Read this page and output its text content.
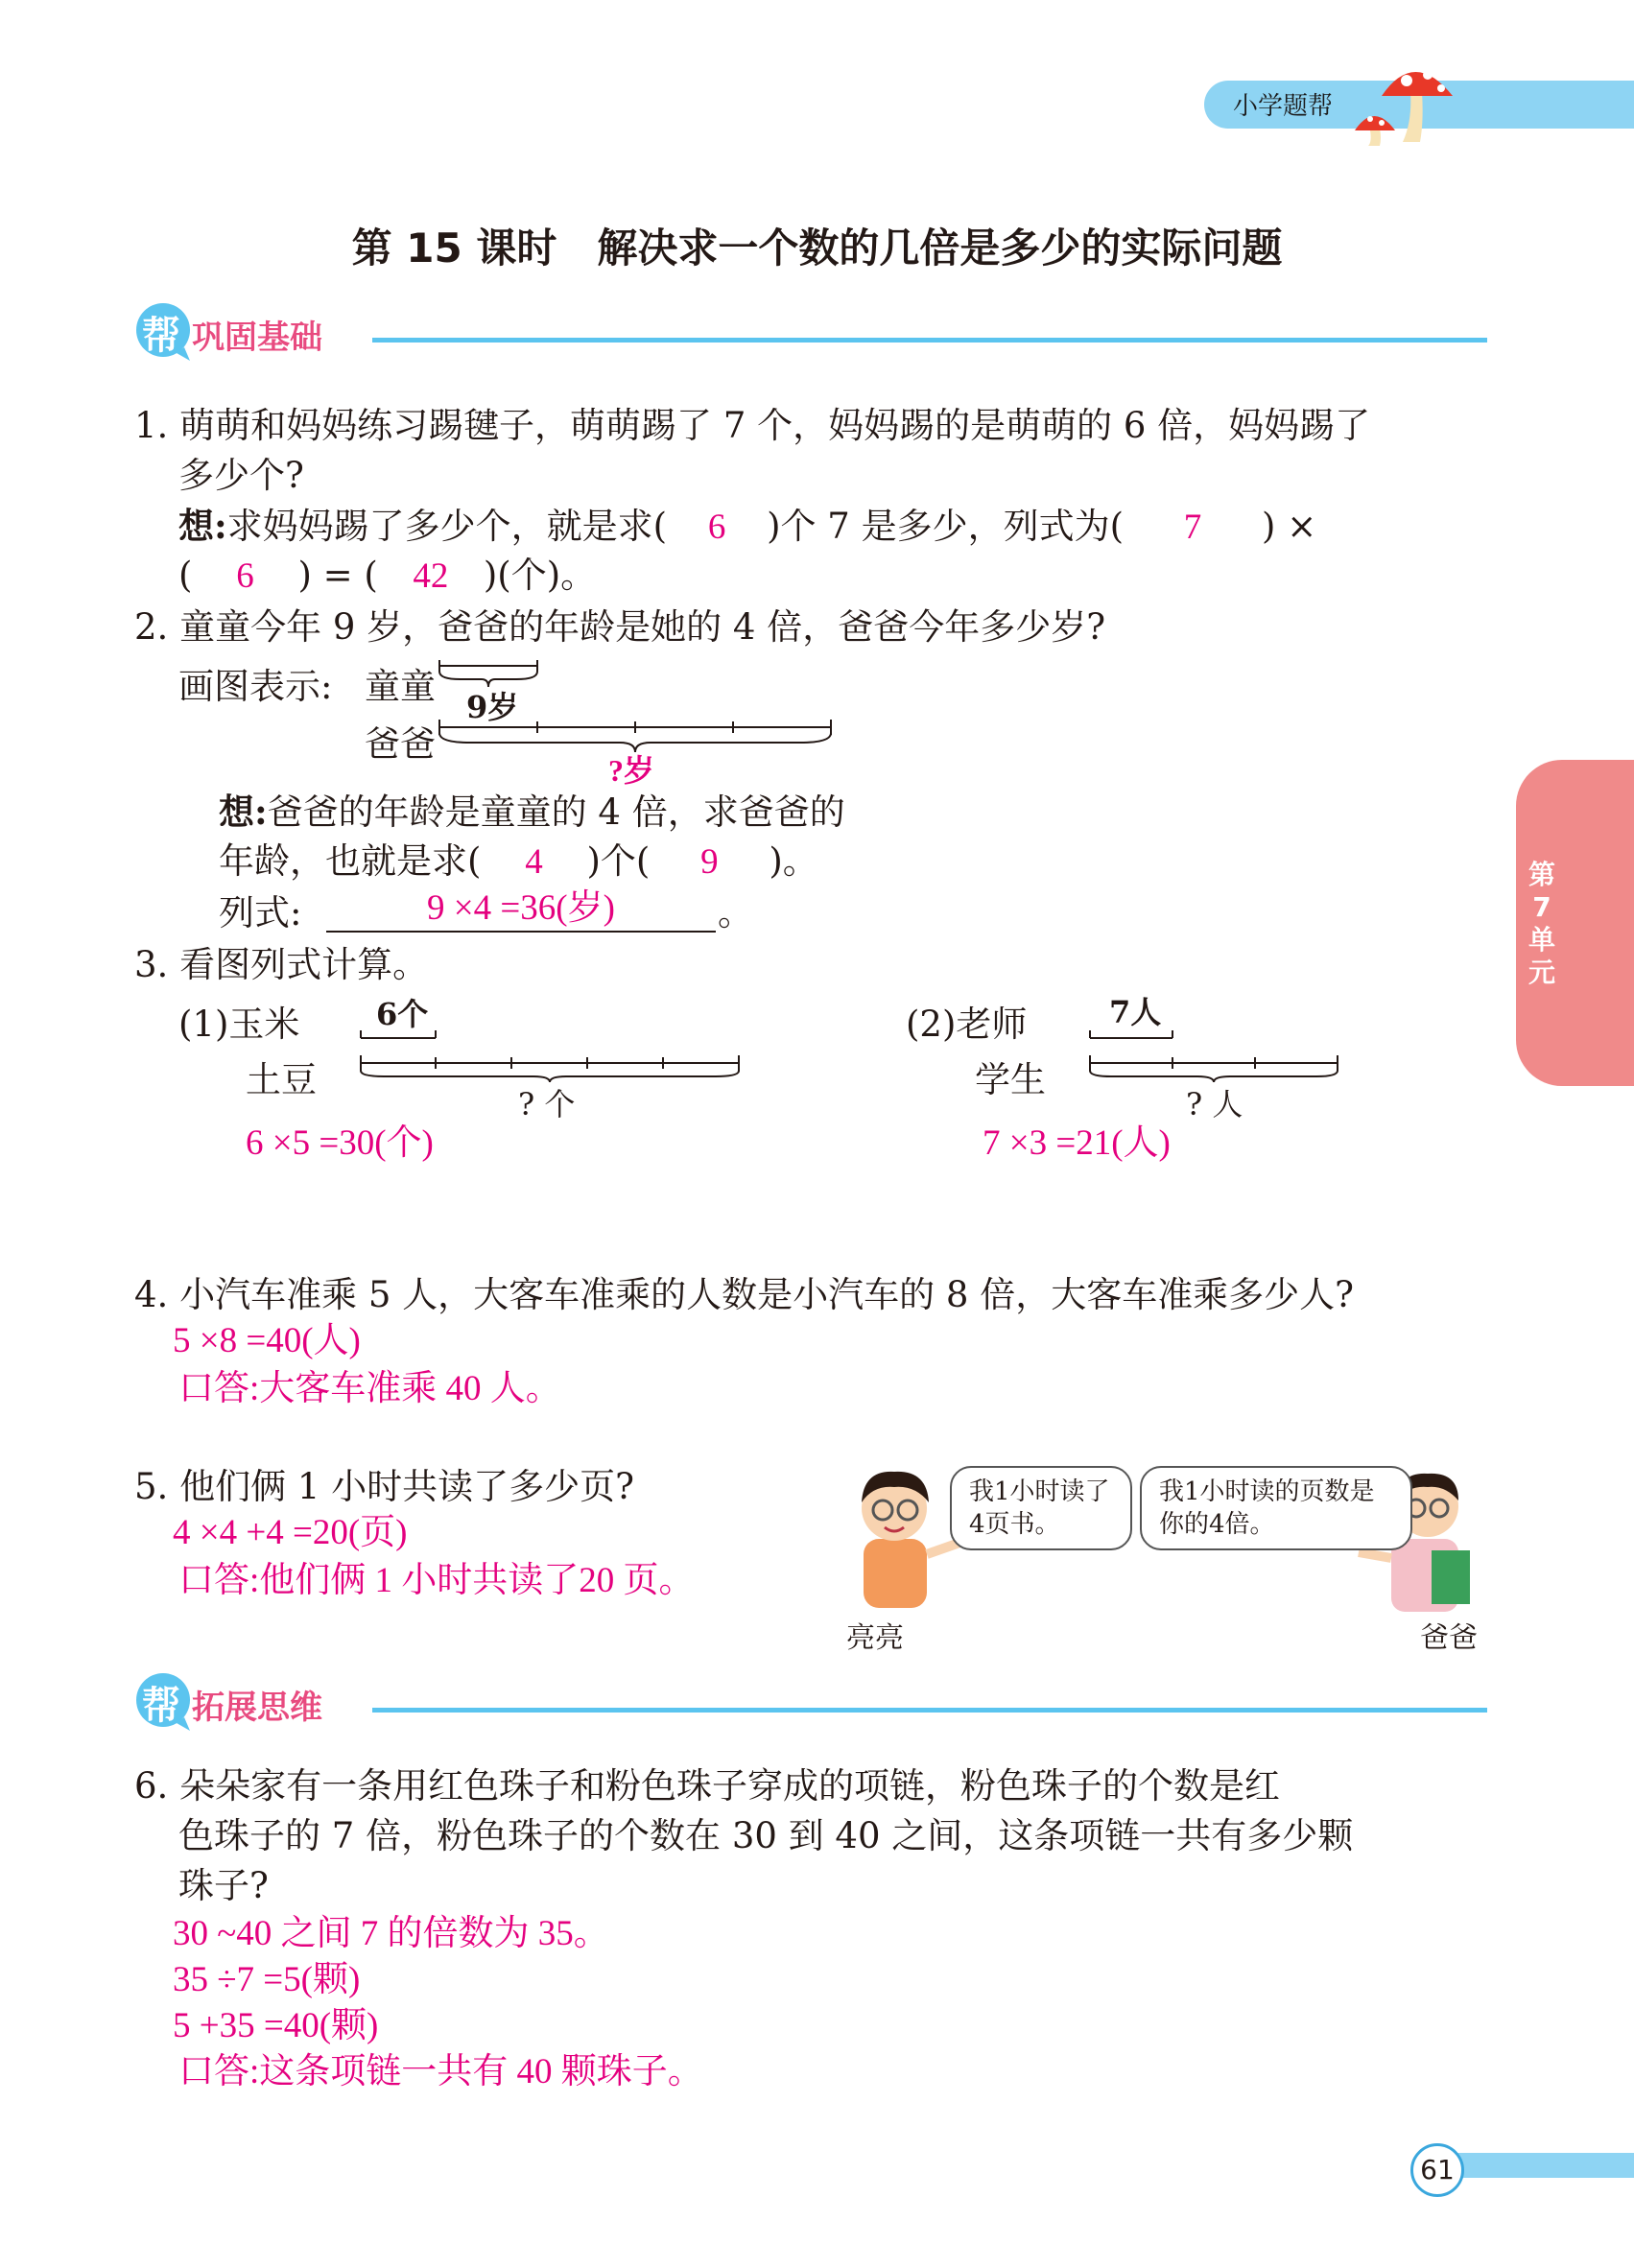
小学题帮
第 15 课时　解决求一个数的几倍是多少的实际问题
帮 巩固基础
第7单元
1. 萌萌和妈妈练习踢毽子，萌萌踢了 7 个，妈妈踢的是萌萌的 6 倍，妈妈踢了
多少个?
想:求妈妈踢了多少个，就是求( 6 )个 7 是多少，列式为( 7 ) ×
( 6 ) = ( 42 )(个)。
2. 童童今年 9 岁，爸爸的年龄是她的 4 倍，爸爸今年多少岁?
画图表示: 童童
爸爸
9岁
?岁
想:爸爸的年龄是童童的 4 倍，求爸爸的
年龄，也就是求( 4 )个( 9 )。
列式:	9 ×4 =36(岁)	。
3. 看图列式计算。
(1)玉米
土豆
6个
? 个
6 ×5 =30(个)
(2)老师
学生
7人
? 人
7 ×3 =21(人)
4. 小汽车准乘 5 人，大客车准乘的人数是小汽车的 8 倍，大客车准乘多少人?
5 ×8 =40(人)
口答:大客车准乘 40 人。
5. 他们俩 1 小时共读了多少页?
4 ×4 +4 =20(页)
口答:他们俩 1 小时共读了20 页。
我1小时读了4页书。
我1小时读的页数是你的4倍。
亮亮	爸爸
帮 拓展思维
6. 朵朵家有一条用红色珠子和粉色珠子穿成的项链，粉色珠子的个数是红
色珠子的 7 倍，粉色珠子的个数在 30 到 40 之间，这条项链一共有多少颗
珠子?
30 ~40 之间 7 的倍数为 35。
35 ÷7 =5(颗)
5 +35 =40(颗)
口答:这条项链一共有 40 颗珠子。
61
